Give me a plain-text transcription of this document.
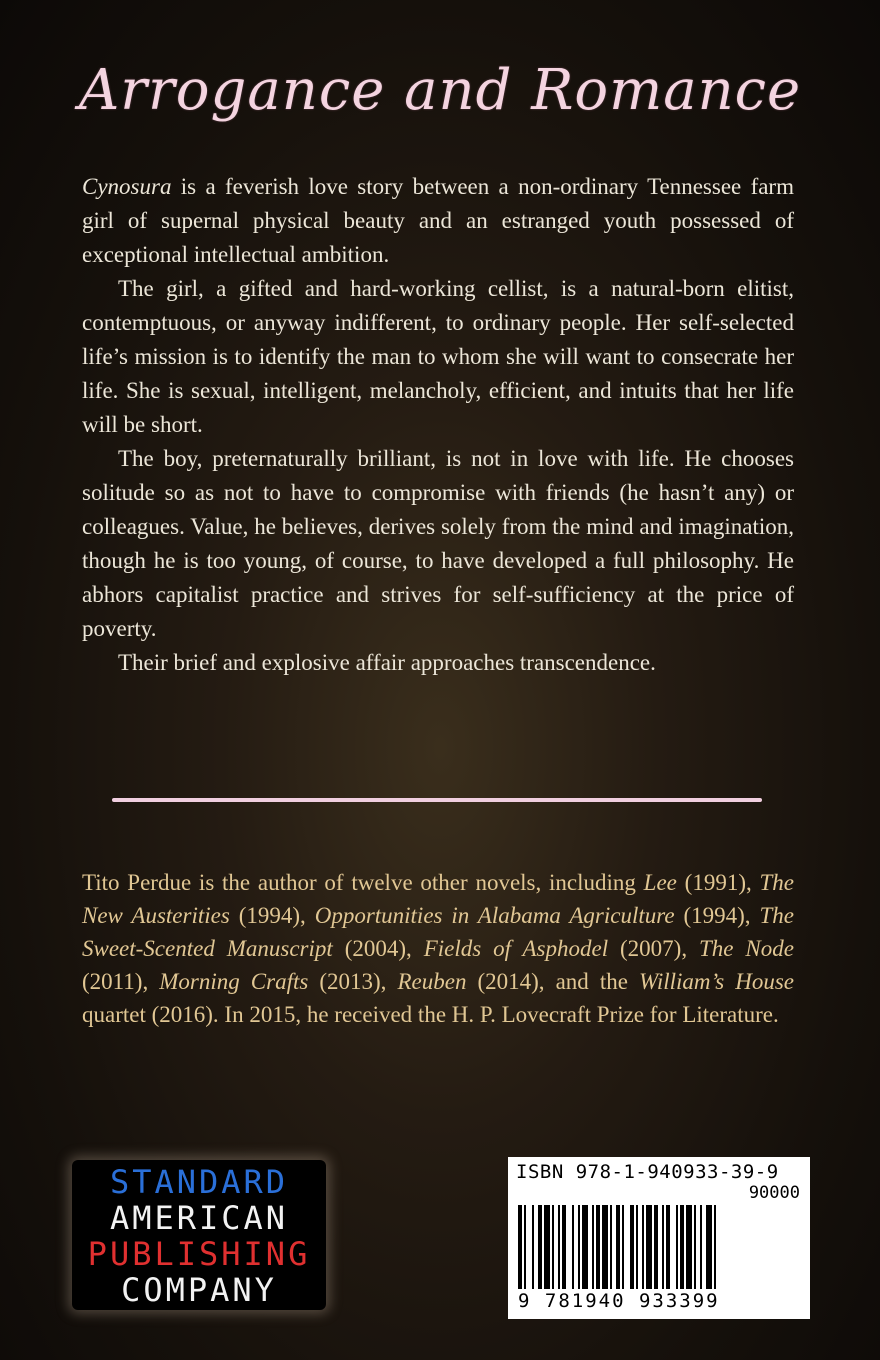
Arrogance and Romance

Cynosura is a feverish love story between a non-ordinary Tennessee farm girl of supernal physical beauty and an estranged youth possessed of exceptional intellectual ambition.

The girl, a gifted and hard-working cellist, is a natural-born elitist, contemptuous, or anyway indifferent, to ordinary people. Her self-selected life’s mission is to identify the man to whom she will want to consecrate her life. She is sexual, intelligent, melancholy, efficient, and intuits that her life will be short.

The boy, preternaturally brilliant, is not in love with life. He chooses solitude so as not to have to compromise with friends (he hasn’t any) or colleagues. Value, he believes, derives solely from the mind and imagination, though he is too young, of course, to have developed a full philosophy. He abhors capitalist practice and strives for self-sufficiency at the price of poverty.

Their brief and explosive affair approaches transcendence.

Tito Perdue is the author of twelve other novels, including Lee (1991), The New Austerities (1994), Opportunities in Alabama Agriculture (1994), The Sweet-Scented Manuscript (2004), Fields of Asphodel (2007), The Node (2011), Morning Crafts (2013), Reuben (2014), and the William’s House quartet (2016). In 2015, he received the H. P. Lovecraft Prize for Literature.
STANDARD
AMERICAN
PUBLISHING
COMPANY
ISBN 978-1-940933-39-9
90000
9 781940 933399
